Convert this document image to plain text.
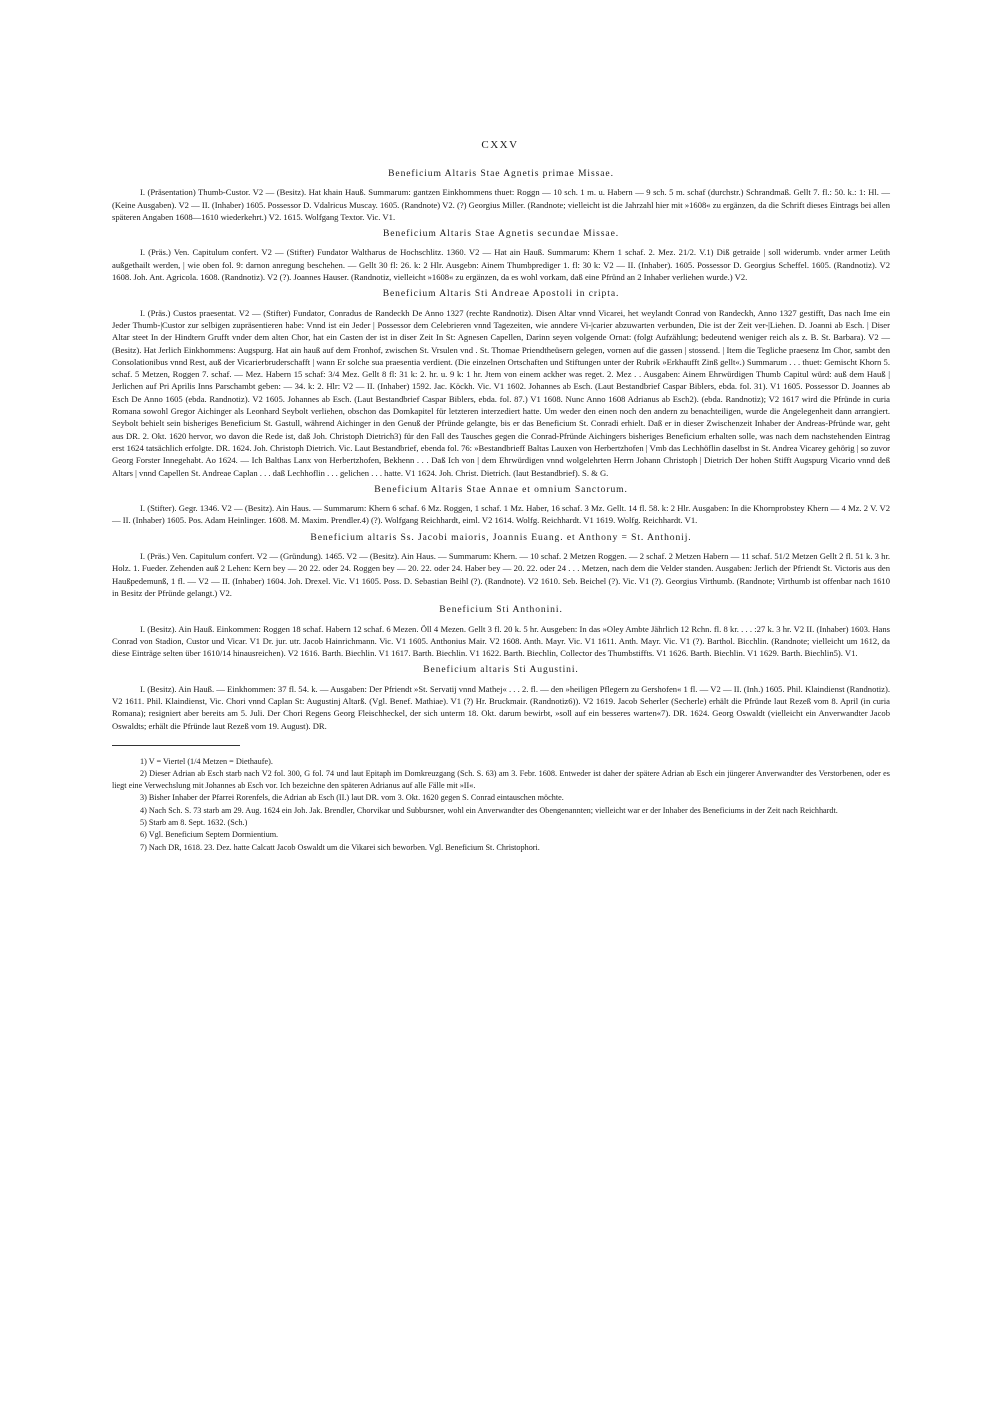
CXXV
Beneficium Altaris Stae Agnetis primae Missae.

I. (Präsentation) Thumb-Custor. V2 — (Besitz). Hat khain Hauß. Summarum: gantzen Einkhommens thuet: Roggn — 10 sch. 1 m. u. Habern — 9 sch. 5 m. schaf (durchstr.) Schrandmaß. Gellt 7. fl.: 50. k.: 1: Hl. — (Keine Ausgaben). V2 — II. (Inhaber) 1605. Possessor D. Vdalricus Muscay. 1605. (Randnote) V2. (?) Georgius Miller. (Randnote; vielleicht ist die Jahrzahl hier mit »1608« zu ergänzen, da die Schrift dieses Eintrags bei allen späteren Angaben 1608—1610 wiederkehrt.) V2. 1615. Wolfgang Textor. Vic. V1.

Beneficium Altaris Stae Agnetis secundae Missae.

I. (Präs.) Ven. Capitulum confert. V2 — (Stifter) Fundator Waltharus de Hochschlitz. 1360. V2 — Hat ain Hauß. Summarum: Khern 1 schaf. 2. Mez. 21/2. V.1) Diß getraide | soll widerumb. vnder armer Leüth außgethailt werden, | wie oben fol. 9: darnon anregung beschehen. — Gellt 30 fl: 26. k: 2 Hlr. Ausgebn: Ainem Thumbprediger 1. fl: 30 k: V2 — II. (Inhaber). 1605. Possessor D. Georgius Scheffel. 1605. (Randnotiz). V2 1608. Joh. Ant. Agricola. 1608. (Randnotiz). V2 (?). Joannes Hauser. (Randnotiz, vielleicht »1608« zu ergänzen, da es wohl vorkam, daß eine Pfründ an 2 Inhaber verliehen wurde.) V2.

Beneficium Altaris Sti Andreae Apostoli in cripta.

I. (Präs.) Custos praesentat. V2 — (Stifter) Fundator, Conradus de Randeckh De Anno 1327 (rechte Randnotiz). Disen Altar vnnd Vicarei, het weylandt Conrad von Randeckh, Anno 1327 gestifft, Das nach Ime ein Jeder Thumb-|Custor zur selbigen zupräsentieren habe: Vnnd ist ein Jeder | Possessor dem Celebrieren vnnd Tagezeiten, wie anndere Vi-|carier abzuwarten verbunden, Die ist der Zeit ver-|Liehen. D. Joanni ab Esch. | Diser Altar steet In der Hindtern Grufft vnder dem alten Chor, hat ein Casten der ist in diser Zeit In St: Agnesen Capellen, Darinn seyen volgende Ornat: (folgt Aufzählung; bedeutend weniger reich als z. B. St. Barbara). V2 — (Besitz). Hat Jerlich Einkhommens: Augspurg. Hat ain hauß auf dem Fronhof, zwischen St. Vrsulen vnd . St. Thomae Priendtheüsern gelegen, vornen auf die gassen | stossend. | Item die Tegliche praesenz Im Chor, sambt den Consolationibus vnnd Rest, auß der Vicarierbruderschafft | wann Er solche sua praesentia verdient. (Die einzelnen Ortschaften und Stiftungen unter der Rubrik »Erkhaufft Zinß gellt«.) Summarum . . . thuet: Gemischt Khorn 5. schaf. 5 Metzen, Roggen 7. schaf. — Mez. Habern 15 schaf: 3/4 Mez. Gellt 8 fl: 31 k: 2. hr. u. 9 k: 1 hr. Jtem von einem ackher was reget. 2. Mez . . Ausgaben: Ainem Ehrwürdigen Thumb Capitul würd: auß dem Hauß | Jerlichen auf Pri Aprilis Inns Parschambt geben: — 34. k: 2. Hlr: V2 — II. (Inhaber) 1592. Jac. Köckh. Vic. V1 1602. Johannes ab Esch. (Laut Bestandbrief Caspar Biblers, ebda. fol. 31). V1 1605. Possessor D. Joannes ab Esch De Anno 1605 (ebda. Randnotiz). V2 1605. Johannes ab Esch. (Laut Bestandbrief Caspar Biblers, ebda. fol. 87.) V1 1608. Nunc Anno 1608 Adrianus ab Esch2). (ebda. Randnotiz); V2 1617 wird die Pfründe in curia Romana sowohl Gregor Aichinger als Leonhard Seybolt verliehen, obschon das Domkapitel für letzteren interzediert hatte. Um weder den einen noch den andern zu benachteiligen, wurde die Angelegenheit dann arrangiert. Seybolt behielt sein bisheriges Beneficium St. Gastull, während Aichinger in den Genuß der Pfründe gelangte, bis er das Beneficium St. Conradi erhielt. Daß er in dieser Zwischenzeit Inhaber der Andreas-Pfründe war, geht aus DR. 2. Okt. 1620 hervor, wo davon die Rede ist, daß Joh. Christoph Dietrich3) für den Fall des Tausches gegen die Conrad-Pfründe Aichingers bisheriges Beneficium erhalten solle, was nach dem nachstehenden Eintrag erst 1624 tatsächlich erfolgte. DR. 1624. Joh. Christoph Dietrich. Vic. Laut Bestandbrief, ebenda fol. 76: »Bestandbrieff Baltas Lauxen von Herbertzhofen | Vmb das Lechhöflin daselbst in St. Andrea Vicarey gehörig | so zuvor Georg Forster Innegehabt. Ao 1624. — Ich Balthas Lanx von Herbertzhofen, Bekhenn . . . Daß Ich von | dem Ehrwürdigen vnnd wolgelehrten Herrn Johann Christoph | Dietrich Der hohen Stifft Augspurg Vicario vnnd deß Altars | vnnd Capellen St. Andreae Caplan . . . daß Lechhoflin . . . gelichen . . . hatte. V1 1624. Joh. Christ. Dietrich. (laut Bestandbrief). S. & G.

Beneficium Altaris Stae Annae et omnium Sanctorum.

I. (Stifter). Gegr. 1346. V2 — (Besitz). Ain Haus. — Summarum: Khern 6 schaf. 6 Mz. Roggen, 1 schaf. 1 Mz. Haber, 16 schaf. 3 Mz. Gellt. 14 fl. 58. k: 2 Hlr. Ausgaben: In die Khornprobstey Khern — 4 Mz. 2 V. V2 — II. (Inhaber) 1605. Pos. Adam Heinlinger. 1608. M. Maxim. Prendler.4) (?). Wolfgang Reichhardt, eiml. V2 1614. Wolfg. Reichhardt. V1 1619. Wolfg. Reichhardt. V1.

Beneficium altaris Ss. Jacobi maioris, Joannis Euang. et Anthony = St. Anthonij.

I. (Präs.) Ven. Capitulum confert. V2 — (Gründung). 1465. V2 — (Besitz). Ain Haus. — Summarum: Khern. — 10 schaf. 2 Metzen Roggen. — 2 schaf. 2 Metzen Habern — 11 schaf. 51/2 Metzen Gellt 2 fl. 51 k. 3 hr. Holz. 1. Fueder. Zehenden auß 2 Lehen: Kern bey — 20 22. oder 24. Roggen bey — 20. 22. oder 24. Haber bey — 20. 22. oder 24 . . . Metzen, nach dem die Velder standen. Ausgaben: Jerlich der Pfriendt St. Victoris aus den Haußpedemunß, 1 fl. — V2 — II. (Inhaber) 1604. Joh. Drexel. Vic. V1 1605. Poss. D. Sebastian Beihl (?). (Randnote). V2 1610. Seb. Beichel (?). Vic. V1 (?). Georgius Virthumb. (Randnote; Virthumb ist offenbar nach 1610 in Besitz der Pfründe gelangt.) V2.

Beneficium Sti Anthonini.

I. (Besitz). Ain Hauß. Einkommen: Roggen 18 schaf. Habern 12 schaf. 6 Mezen. Öll 4 Mezen. Gellt 3 fl. 20 k. 5 hr. Ausgeben: In das »Oley Ambte Jährlich 12 Rchn. fl. 8 kr. . . . :27 k. 3 hr. V2 II. (Inhaber) 1603. Hans Conrad von Stadion, Custor und Vicar. V1 Dr. jur. utr. Jacob Hainrichmann. Vic. V1 1605. Anthonius Mair. V2 1608. Anth. Mayr. Vic. V1 1611. Anth. Mayr. Vic. V1 (?). Barthol. Bicchlin. (Randnote; vielleicht um 1612, da diese Einträge selten über 1610/14 hinausreichen). V2 1616. Barth. Biechlin. V1 1617. Barth. Biechlin. V1 1622. Barth. Biechlin, Collector des Thumbstiffts. V1 1626. Barth. Biechlin. V1 1629. Barth. Biechlin5). V1.

Beneficium altaris Sti Augustini.

I. (Besitz). Ain Hauß. — Einkhommen: 37 fl. 54. k. — Ausgaben: Der Pfriendt »St. Servatij vnnd Mathej« . . . 2. fl. — den »heiligen Pflegern zu Gershofen« 1 fl. — V2 — II. (Inh.) 1605. Phil. Klaindienst (Randnotiz). V2 1611. Phil. Klaindienst, Vic. Chori vnnd Caplan St: Augustinj Altarß. (Vgl. Benef. Mathiae). V1 (?) Hr. Bruckmair. (Randnotiz6)). V2 1619. Jacob Seherler (Secherle) erhält die Pfründe laut Rezeß vom 8. April (in curia Romana); resigniert aber bereits am 5. Juli. Der Chori Regens Georg Fleischheckel, der sich unterm 18. Okt. darum bewirbt, »soll auf ein besseres warten«7). DR. 1624. Georg Oswaldt (vielleicht ein Anverwandter Jacob Oswaldts; erhält die Pfründe laut Rezeß vom 19. August). DR.

1) V = Viertel (1/4 Metzen = Diethaufe).

2) Dieser Adrian ab Esch starb nach V2 fol. 300, G fol. 74 und laut Epitaph im Domkreuzgang (Sch. S. 63) am 3. Febr. 1608. Entweder ist daher der spätere Adrian ab Esch ein jüngerer Anverwandter des Verstorbenen, oder es liegt eine Verwechslung mit Johannes ab Esch vor. Ich bezeichne den späteren Adrianus auf alle Fälle mit »II«.

3) Bisher Inhaber der Pfarrei Rorenfels, die Adrian ab Esch (II.) laut DR. vom 3. Okt. 1620 gegen S. Conrad eintauschen möchte.

4) Nach Sch. S. 73 starb am 29. Aug. 1624 ein Joh. Jak. Brendler, Chorvikar und Subbursner, wohl ein Anverwandter des Obengenannten; vielleicht war er der Inhaber des Beneficiums in der Zeit nach Reichhardt.

5) Starb am 8. Sept. 1632. (Sch.)

6) Vgl. Beneficium Septem Dormientium.

7) Nach DR, 1618. 23. Dez. hatte Calcatt Jacob Oswaldt um die Vikarei sich beworben. Vgl. Beneficium St. Christophori.
